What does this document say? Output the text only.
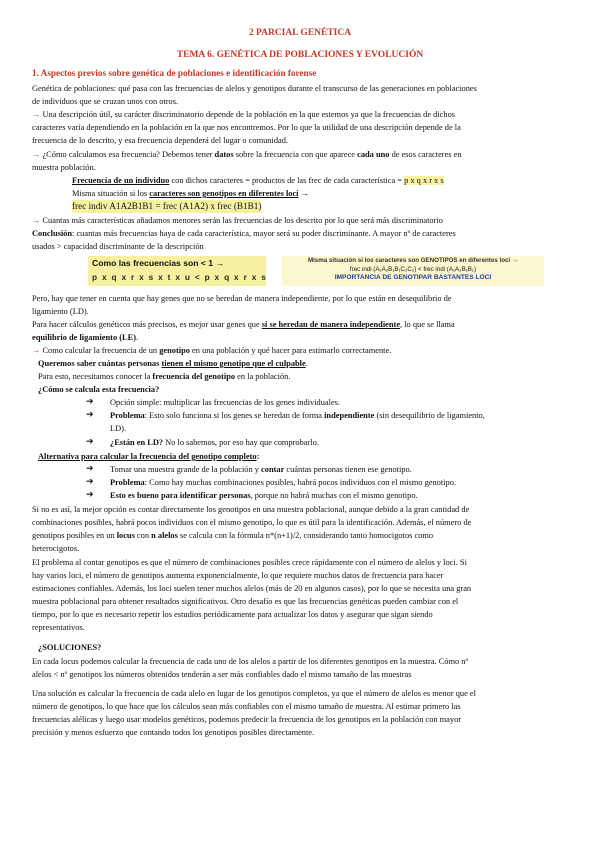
2 PARCIAL GENÉTICA
TEMA 6. GENÉTICA DE POBLACIONES Y EVOLUCIÓN
1. Aspectos previos sobre genética de poblaciones e identificación forense
Genética de poblaciones: qué pasa con las frecuencias de alelos y genotipos durante el transcurso de las generaciones en poblaciones
de individuos que se cruzan unos con otros.
→ Una descripción útil, su carácter discriminatorio depende de la población en la que estemos ya que la frecuencias de dichos
caracteres varía dependiendo en la población en la que nos encontremos. Por lo que la utilidad de una descripción depende de la
frecuencia de lo descrito, y esa frecuencia dependerá del lugar o comunidad.
→ ¿Cómo calculamos esa frecuencia? Debemos tener datos sobre la frecuencia con que aparece cada uno de esos caracteres en
muestra población.
Frecuencia de un individuo con dichos caracteres = productos de las frec de cada característica = p x q x r x s
Misma situación si los caracteres son genotipos en diferentes loci →
frec indiv A1A2B1B1 = frec (A1A2) x frec (B1B1)
→ Cuantas más características añadamos menores serán las frecuencias de los descrito por lo que será más discriminatorio
Conclusión: cuantas más frecuencias haya de cada característica, mayor será su poder discriminante. A mayor nº de caracteres
usados > capacidad discriminante de la descripción
Como las frecuencias son < 1 →
p x q x r x s x t x u < p x q x r x s
Misma situación si los caracteres son GENOTIPOS en diferentes loci →
frec indi (A₁A₂B₁B₁C₂C₂) < frec indi (A₁A₂B₁B₁)
IMPORTANCIA DE GENOTIPAR BASTANTES LOCI
Pero, hay que tener en cuenta que hay genes que no se heredan de manera independiente, por lo que están en desequilibrio de
ligamiento (LD).
Para hacer cálculos genéticos más precisos, es mejor usar genes que si se heredan de manera independiente, lo que se llama
equilibrio de ligamiento (LE).
→ Como calcular la frecuencia de un genotipo en una población y qué hacer para estimarlo correctamente.
Queremos saber cuántas personas tienen el mismo genotipo que el culpable.
Para esto, necesitamos conocer la frecuencia del genotipo en la población.
¿Cómo se calcula esta frecuencia?
➔ Opción simple: multiplicar las frecuencias de los genes individuales.
➔ Problema: Esto solo funciona si los genes se heredan de forma independiente (sin desequilibrio de ligamiento,
LD).
➔ ¿Están en LD? No lo sabemos, por eso hay que comprobarlo.
Alternativa para calcular la frecuencia del genotipo completo:
➔ Tomar una muestra grande de la población y contar cuántas personas tienen ese genotipo.
➔ Problema: Como hay muchas combinaciones posibles, habrá pocos individuos con el mismo genotipo.
➔ Esto es bueno para identificar personas, porque no habrá muchas con el mismo genotipo.
Si no es así, la mejor opción es contar directamente los genotipos en una muestra poblacional, aunque debido a la gran cantidad de
combinaciones posibles, habrá pocos individuos con el mismo genotipo, lo que es útil para la identificación. Además, el número de
genotipos posibles en un locus con n alelos se calcula con la fórmula n*(n+1)/2, considerando tanto homocigotos como
heterocigotos.
El problema al contar genotipos es que el número de combinaciones posibles crece rápidamente con el número de alelos y loci. Si
hay varios loci, el número de genotipos aumenta exponencialmente, lo que requiere muchos datos de frecuencia para hacer
estimaciones confiables. Además, los loci suelen tener muchos alelos (más de 20 en algunos casos), por lo que se necesita una gran
muestra poblacional para obtener resultados significativos. Otro desafío es que las frecuencias genéticas pueden cambiar con el
tiempo, por lo que es necesario repetir los estudios periódicamente para actualizar los datos y asegurar que sigan siendo
representativos.
¿SOLUCIONES?
En cada locus podemos calcular la frecuencia de cada uno de los alelos a partir de los diferentes genotipos en la muestra. Cómo nº
alelos < nº genotipos los números obtenidos tenderán a ser más confiables dado el mismo tamaño de las muestras
Una solución es calcular la frecuencia de cada alelo en lugar de los genotipos completos, ya que el número de alelos es menor que el
número de genotipos, lo que hace que los cálculos sean más confiables con el mismo tamaño de muestra. Al estimar primero las
frecuencias alélicas y luego usar modelos genéticos, podemos predecir la frecuencia de los genotipos en la población con mayor
precisión y menos esfuerzo que contando todos los genotipos posibles directamente.
